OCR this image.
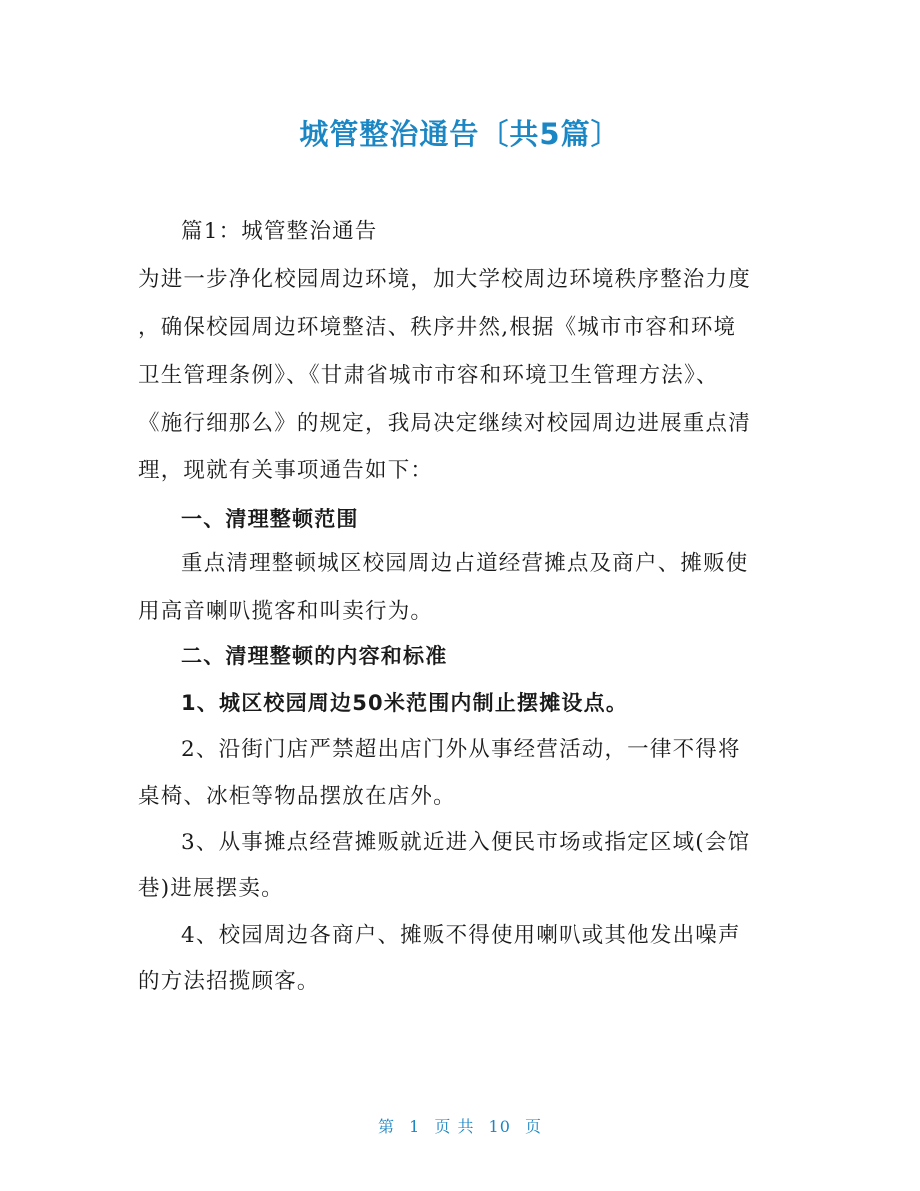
城管整治通告〔共5篇〕
篇1：城管整治通告
为进一步净化校园周边环境，加大学校周边环境秩序整治力度
，确保校园周边环境整洁、秩序井然,根据《城市市容和环境
卫生管理条例》、《甘肃省城市市容和环境卫生管理方法》、
《施行细那么》的规定，我局决定继续对校园周边进展重点清
理，现就有关事项通告如下：
一、清理整顿范围
重点清理整顿城区校园周边占道经营摊点及商户、摊贩使
用高音喇叭揽客和叫卖行为。
二、清理整顿的内容和标准
1、城区校园周边50米范围内制止摆摊设点。
2、沿街门店严禁超出店门外从事经营活动，一律不得将
桌椅、冰柜等物品摆放在店外。
3、从事摊点经营摊贩就近进入便民市场或指定区域(会馆
巷)进展摆卖。
4、校园周边各商户、摊贩不得使用喇叭或其他发出噪声
的方法招揽顾客。
第 1 页 共 10 页
